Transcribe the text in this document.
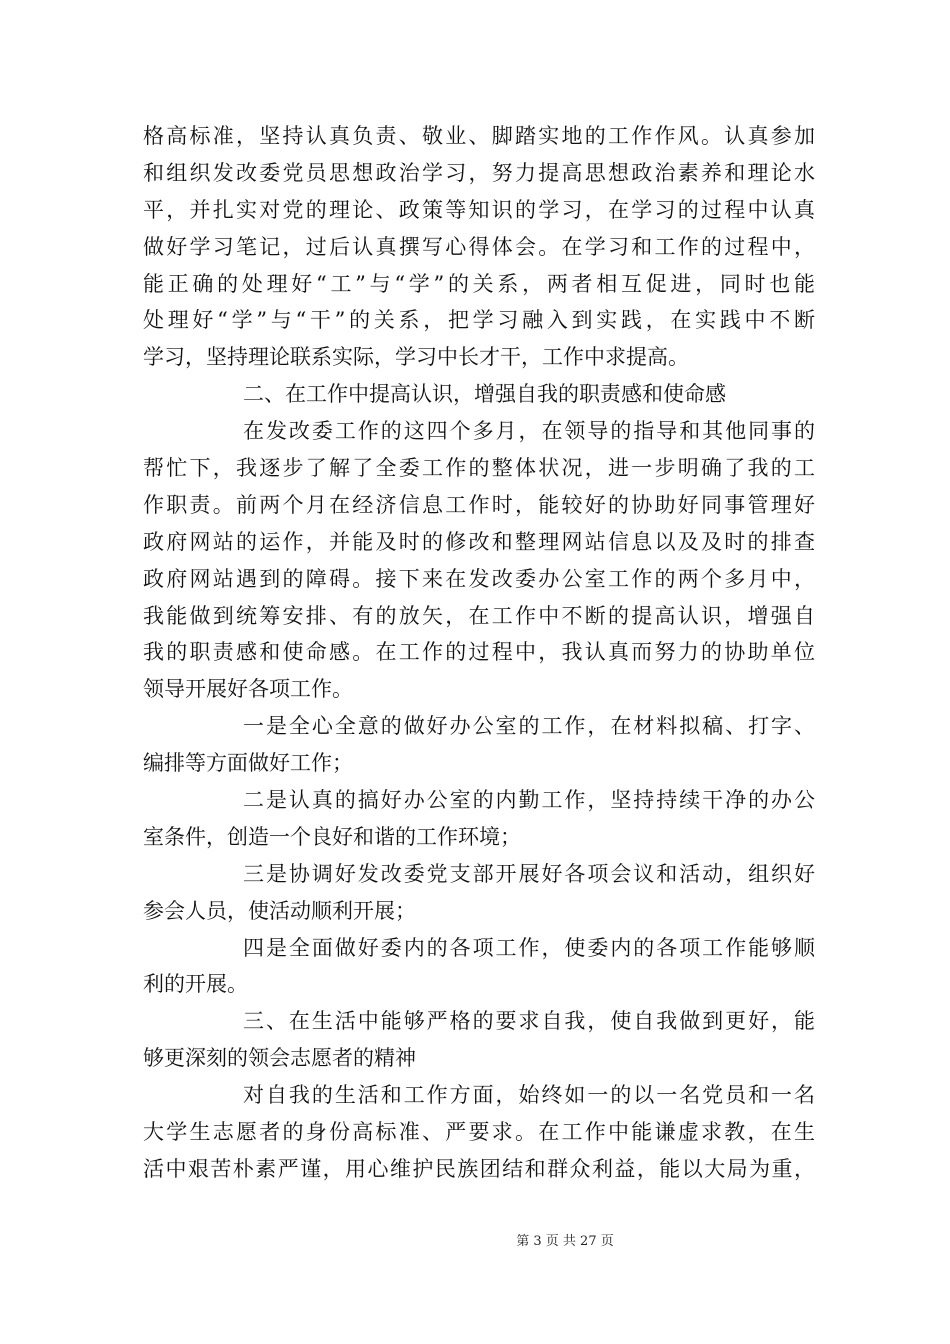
格高标准，坚持认真负责、敬业、脚踏实地的工作作风。认真参加
和组织发改委党员思想政治学习，努力提高思想政治素养和理论水
平，并扎实对党的理论、政策等知识的学习，在学习的过程中认真
做好学习笔记，过后认真撰写心得体会。在学习和工作的过程中，
能正确的处理好“工”与“学”的关系，两者相互促进，同时也能
处理好“学”与“干”的关系，把学习融入到实践，在实践中不断
学习，坚持理论联系实际，学习中长才干，工作中求提高。
二、在工作中提高认识，增强自我的职责感和使命感
在发改委工作的这四个多月，在领导的指导和其他同事的
帮忙下，我逐步了解了全委工作的整体状况，进一步明确了我的工
作职责。前两个月在经济信息工作时，能较好的协助好同事管理好
政府网站的运作，并能及时的修改和整理网站信息以及及时的排查
政府网站遇到的障碍。接下来在发改委办公室工作的两个多月中，
我能做到统筹安排、有的放矢，在工作中不断的提高认识，增强自
我的职责感和使命感。在工作的过程中，我认真而努力的协助单位
领导开展好各项工作。
一是全心全意的做好办公室的工作，在材料拟稿、打字、
编排等方面做好工作；
二是认真的搞好办公室的内勤工作，坚持持续干净的办公
室条件，创造一个良好和谐的工作环境；
三是协调好发改委党支部开展好各项会议和活动，组织好
参会人员，使活动顺利开展；
四是全面做好委内的各项工作，使委内的各项工作能够顺
利的开展。
三、在生活中能够严格的要求自我，使自我做到更好，能
够更深刻的领会志愿者的精神
对自我的生活和工作方面，始终如一的以一名党员和一名
大学生志愿者的身份高标准、严要求。在工作中能谦虚求教，在生
活中艰苦朴素严谨，用心维护民族团结和群众利益，能以大局为重，
第 3 页 共 27 页
